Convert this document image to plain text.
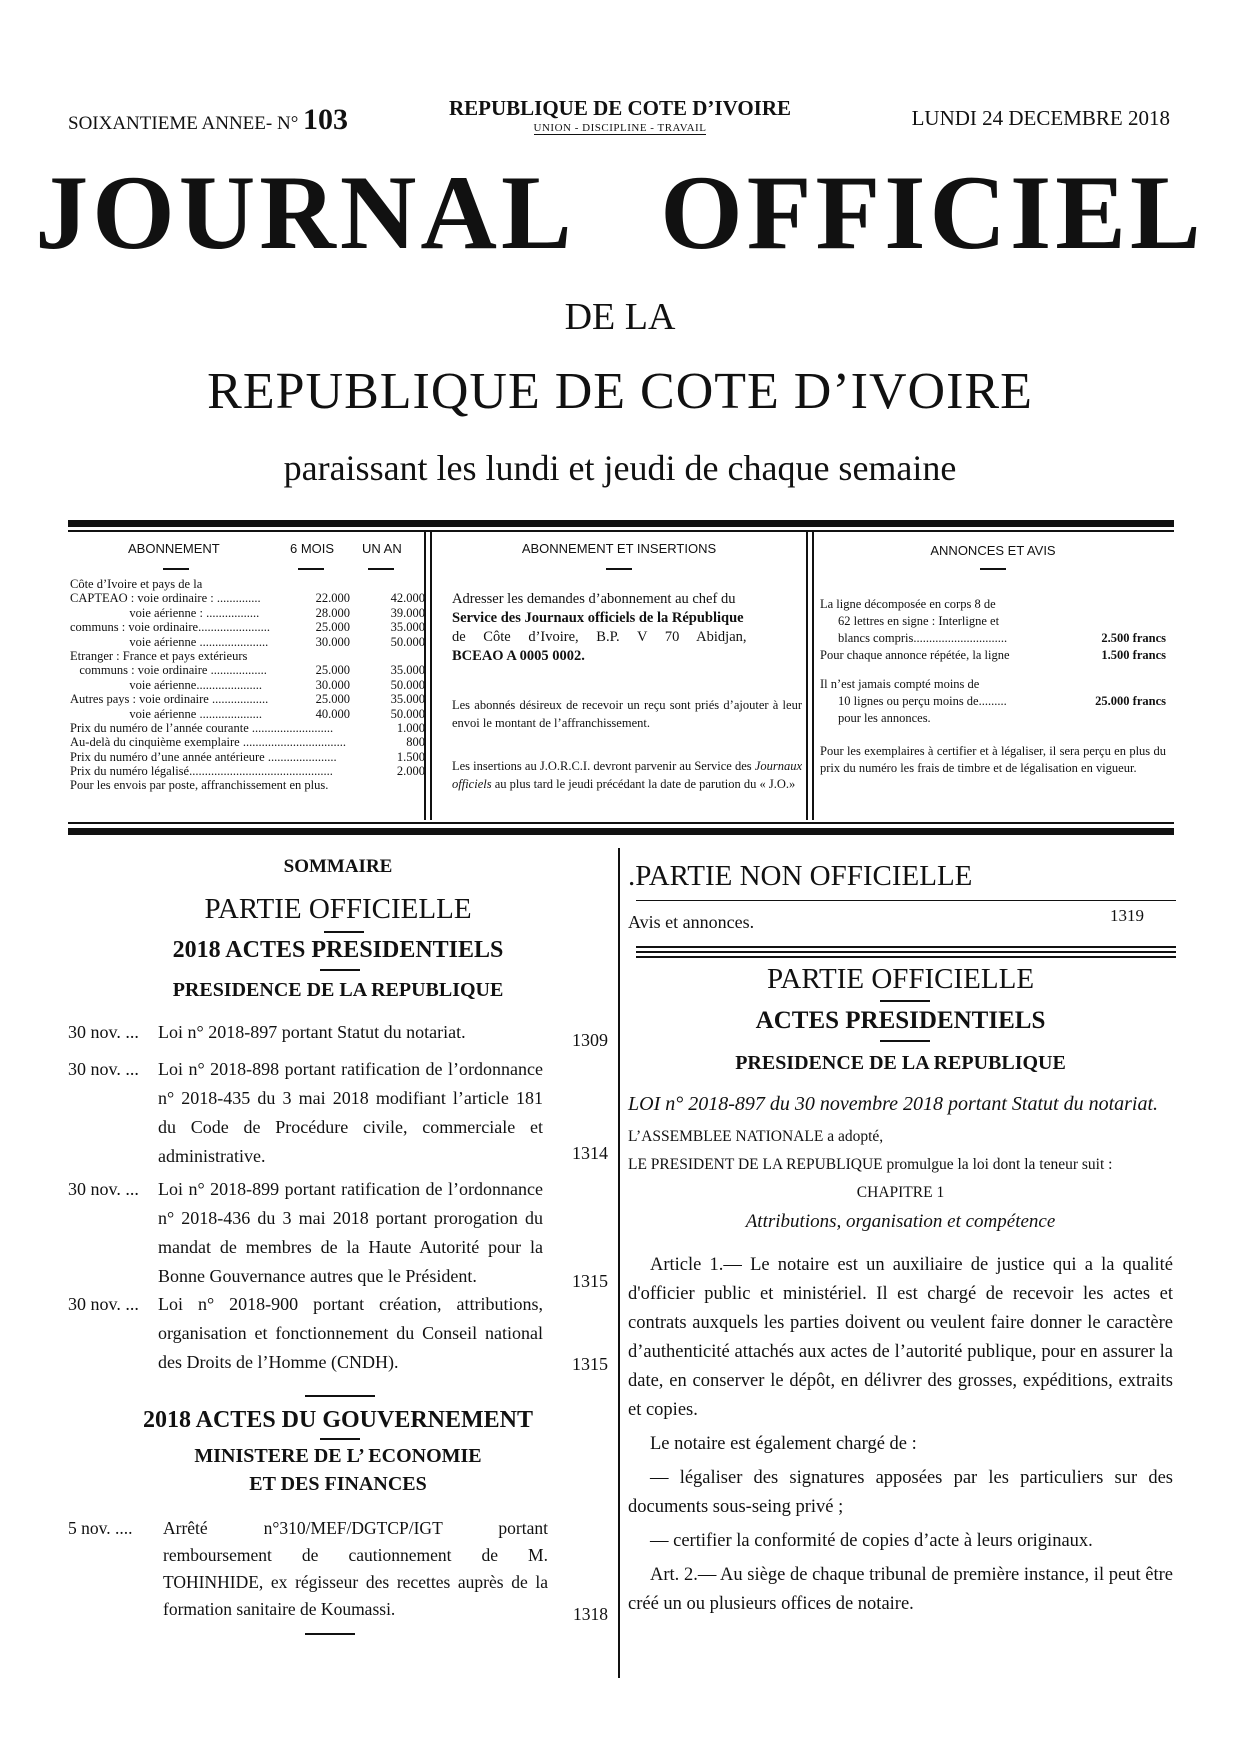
SOIXANTIEME ANNEE- N° 103	REPUBLIQUE DE COTE D’IVOIRE
UNION - DISCIPLINE - TRAVAIL	LUNDI 24 DECEMBRE 2018
JOURNAL OFFICIEL
DE LA
REPUBLIQUE DE COTE D’IVOIRE
paraissant les lundi et jeudi de chaque semaine
ABONNEMENT	6 MOIS UN AN
Côte d’Ivoire et pays de la
CAPTEAO : voie ordinaire : ..............	22.000	42.000
voie aérienne : .................	28.000	39.000
communs : voie ordinaire.......................	25.000	35.000
voie aérienne ......................	30.000	50.000
Etranger : France et pays extérieurs
communs : voie ordinaire ..................	25.000	35.000
voie aérienne.....................	30.000	50.000
Autres pays : voie ordinaire ..................	25.000	35.000
voie aérienne ....................	40.000	50.000
Prix du numéro de l’année courante ..........................	1.000
Au-delà du cinquième exemplaire .................................	800
Prix du numéro d’une année antérieure ......................	1.500
Prix du numéro légalisé..............................................	2.000
Pour les envois par poste, affranchissement en plus.
ABONNEMENT ET INSERTIONS
Adresser les demandes d’abonnement au chef du
Service des Journaux officiels de la République
de Côte d’Ivoire, B.P. V 70 Abidjan,
BCEAO A 0005 0002.
Les abonnés désireux de recevoir un reçu sont priés d’ajouter à leur envoi le montant de l’affranchissement.
Les insertions au J.O.R.C.I. devront parvenir au Service des Journaux officiels au plus tard le jeudi précédant la date de parution du « J.O.»
ANNONCES ET AVIS
La ligne décomposée en corps 8 de
62 lettres en signe : Interligne et
blancs compris..............................	2.500 francs
Pour chaque annonce répétée, la ligne	1.500 francs
Il n’est jamais compté moins de
10 lignes ou perçu moins de.........	25.000 francs
pour les annonces.
Pour les exemplaires à certifier et à légaliser, il sera perçu en plus du prix du numéro les frais de timbre et de légalisation en vigueur.
SOMMAIRE
PARTIE OFFICIELLE
2018 ACTES PRESIDENTIELS
PRESIDENCE DE LA REPUBLIQUE
30 nov. ... Loi n° 2018-897 portant Statut du notariat.	1309
30 nov. ... Loi n° 2018-898 portant ratification de l’ordonnance n° 2018-435 du 3 mai 2018 modifiant l’article 181 du Code de Procédure civile, commerciale et administrative.	1314
30 nov. ... Loi n° 2018-899 portant ratification de l’ordonnance n° 2018-436 du 3 mai 2018 portant prorogation du mandat de membres de la Haute Autorité pour la Bonne Gouvernance autres que le Président.	1315
30 nov. ... Loi n° 2018-900 portant création, attributions, organisation et fonctionnement du Conseil national des Droits de l’Homme (CNDH).	1315
2018 ACTES DU GOUVERNEMENT
MINISTERE DE L’ ECONOMIE
ET DES FINANCES
5 nov. .... Arrêté n°310/MEF/DGTCP/IGT portant remboursement de cautionnement de M. TOHINHIDE, ex régisseur des recettes auprès de la formation sanitaire de Koumassi.	1318
.PARTIE NON OFFICIELLE
Avis et annonces.	1319
PARTIE OFFICIELLE
ACTES PRESIDENTIELS
PRESIDENCE DE LA REPUBLIQUE
LOI n° 2018-897 du 30 novembre 2018 portant Statut du notariat.
L’ASSEMBLEE NATIONALE a adopté,
LE PRESIDENT DE LA REPUBLIQUE promulgue la loi dont la teneur suit :
CHAPITRE 1
Attributions, organisation et compétence

Article 1.— Le notaire est un auxiliaire de justice qui a la qualité d'officier public et ministériel. Il est chargé de recevoir les actes et contrats auxquels les parties doivent ou veulent faire donner le caractère d’authenticité attachés aux actes de l’autorité publique, pour en assurer la date, en conserver le dépôt, en délivrer des grosses, expéditions, extraits et copies.

Le notaire est également chargé de :

— légaliser des signatures apposées par les particuliers sur des documents sous-seing privé ;

— certifier la conformité de copies d’acte à leurs originaux.

Art. 2.— Au siège de chaque tribunal de première instance, il peut être créé un ou plusieurs offices de notaire.
